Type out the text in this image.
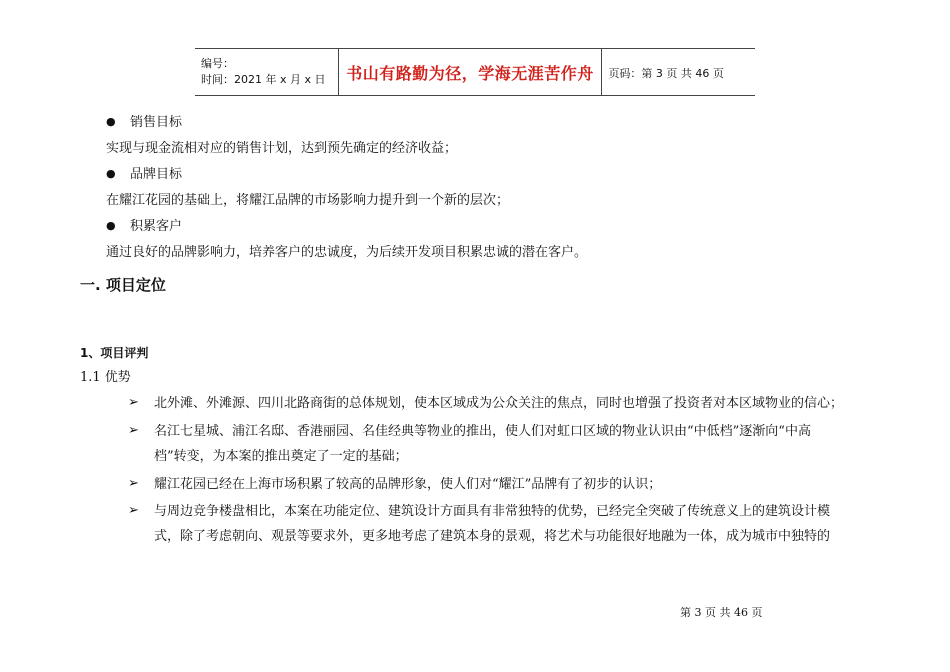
编号：
时间：2021 年 x 月 x 日	书山有路勤为径，学海无涯苦作舟	页码：第 3 页 共 46 页
● 销售目标
实现与现金流相对应的销售计划，达到预先确定的经济收益；
● 品牌目标
在耀江花园的基础上，将耀江品牌的市场影响力提升到一个新的层次；
● 积累客户
通过良好的品牌影响力，培养客户的忠诚度，为后续开发项目积累忠诚的潜在客户。
一. 项目定位
1、项目评判
1.1 优势
➢ 北外滩、外滩源、四川北路商街的总体规划，使本区域成为公众关注的焦点，同时也增强了投资者对本区域物业的信心；
➢ 名江七星城、浦江名邸、香港丽园、名佳经典等物业的推出，使人们对虹口区域的物业认识由“中低档”逐渐向“中高
档”转变，为本案的推出奠定了一定的基础；
➢ 耀江花园已经在上海市场积累了较高的品牌形象，使人们对“耀江”品牌有了初步的认识；
➢ 与周边竞争楼盘相比，本案在功能定位、建筑设计方面具有非常独特的优势，已经完全突破了传统意义上的建筑设计模
式，除了考虑朝向、观景等要求外，更多地考虑了建筑本身的景观，将艺术与功能很好地融为一体，成为城市中独特的
第 3 页 共 46 页
